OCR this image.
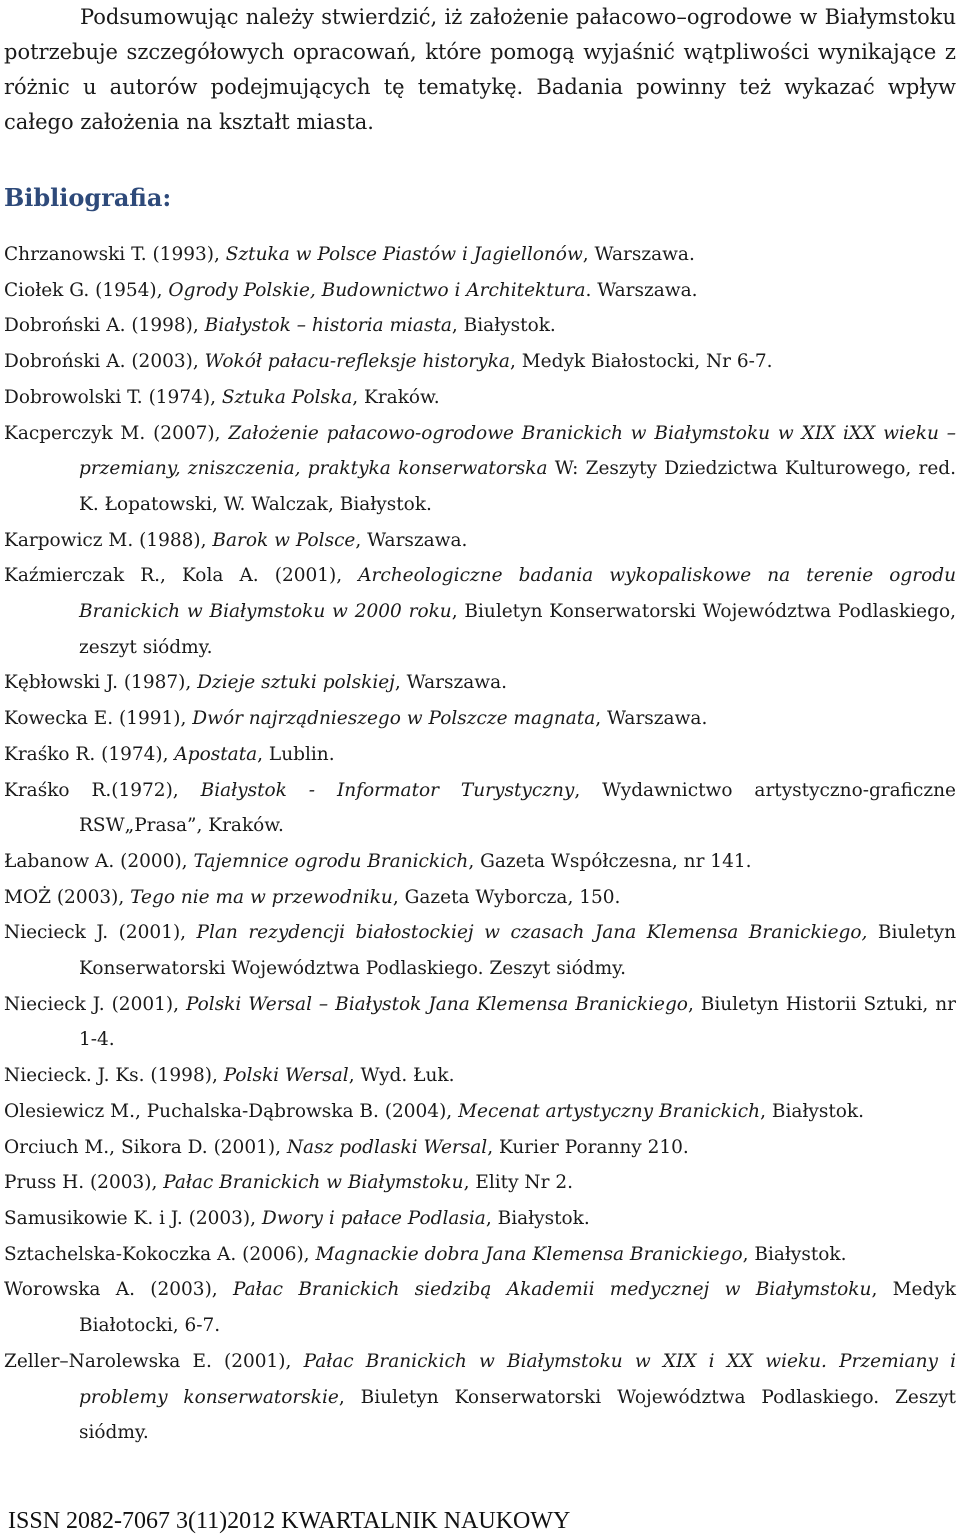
Podsumowując należy stwierdzić, iż założenie pałacowo–ogrodowe w Białymstoku potrzebuje szczegółowych opracowań, które pomogą wyjaśnić wątpliwości wynikające z różnic u autorów podejmujących tę tematykę. Badania powinny też wykazać wpływ całego założenia na kształt miasta.

Bibliografia:
Chrzanowski T. (1993), Sztuka w Polsce Piastów i Jagiellonów, Warszawa.
Ciołek G. (1954), Ogrody Polskie, Budownictwo i Architektura. Warszawa.
Dobroński A. (1998), Białystok – historia miasta, Białystok.
Dobroński A. (2003), Wokół pałacu-refleksje historyka, Medyk Białostocki, Nr 6-7.
Dobrowolski T. (1974), Sztuka Polska, Kraków.
Kacperczyk M. (2007), Założenie pałacowo-ogrodowe Branickich w Białymstoku w XIX iXX wieku – przemiany, zniszczenia, praktyka konserwatorska W: Zeszyty Dziedzictwa Kulturowego, red. K. Łopatowski, W. Walczak, Białystok.
Karpowicz M. (1988), Barok w Polsce, Warszawa.
Kaźmierczak R., Kola A. (2001), Archeologiczne badania wykopaliskowe na terenie ogrodu Branickich w Białymstoku w 2000 roku, Biuletyn Konserwatorski Województwa Podlaskiego, zeszyt siódmy.
Kębłowski J. (1987), Dzieje sztuki polskiej, Warszawa.
Kowecka E. (1991), Dwór najrządnieszego w Polszcze magnata, Warszawa.
Kraśko R. (1974), Apostata, Lublin.
Kraśko R.(1972), Białystok - Informator Turystyczny, Wydawnictwo artystyczno-graficzne RSW„Prasa”, Kraków.
Łabanow A. (2000), Tajemnice ogrodu Branickich, Gazeta Współczesna, nr 141.
MOŻ (2003), Tego nie ma w przewodniku, Gazeta Wyborcza, 150.
Niecieck J. (2001), Plan rezydencji białostockiej w czasach Jana Klemensa Branickiego, Biuletyn Konserwatorski Województwa Podlaskiego. Zeszyt siódmy.
Niecieck J. (2001), Polski Wersal – Białystok Jana Klemensa Branickiego, Biuletyn Historii Sztuki, nr 1-4.
Niecieck. J. Ks. (1998), Polski Wersal, Wyd. Łuk.
Olesiewicz M., Puchalska-Dąbrowska B. (2004), Mecenat artystyczny Branickich, Białystok.
Orciuch M., Sikora D. (2001), Nasz podlaski Wersal, Kurier Poranny 210.
Pruss H. (2003), Pałac Branickich w Białymstoku, Elity Nr 2.
Samusikowie K. i J. (2003), Dwory i pałace Podlasia, Białystok.
Sztachelska-Kokoczka A. (2006), Magnackie dobra Jana Klemensa Branickiego, Białystok.
Worowska A. (2003), Pałac Branickich siedzibą Akademii medycznej w Białymstoku, Medyk Białotocki, 6-7.
Zeller–Narolewska E. (2001), Pałac Branickich w Białymstoku w XIX i XX wieku. Przemiany i problemy konserwatorskie, Biuletyn Konserwatorski Województwa Podlaskiego. Zeszyt siódmy.
ISSN 2082-7067 3(11)2012 KWARTALNIK NAUKOWY
